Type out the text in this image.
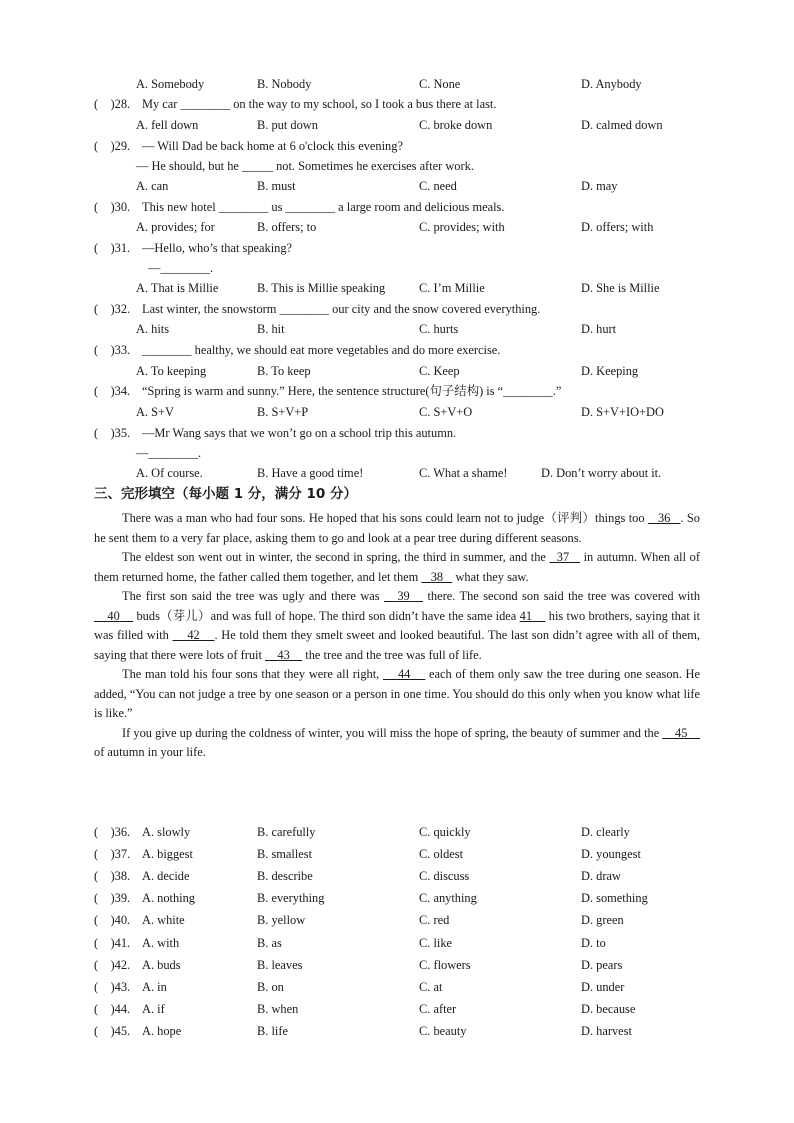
A. Somebody	B. Nobody	C. None	D. Anybody
(    )28. My car ________ on the way to my school, so I took a bus there at last.
A. fell down	B. put down	C. broke down	D. calmed down
(    )29. — Will Dad be back home at 6 o'clock this evening?
— He should, but he _____ not. Sometimes he exercises after work.
A. can	B. must	C. need	D. may
(    )30. This new hotel ________ us ________ a large room and delicious meals.
A. provides; for	B. offers; to	C. provides; with	D. offers; with
(    )31. —Hello, who’s that speaking?
—________.
A. That is Millie	B. This is Millie speaking	C. I’m Millie	D. She is Millie
(    )32. Last winter, the snowstorm ________ our city and the snow covered everything.
A. hits	B. hit	C. hurts	D. hurt
(    )33. ________ healthy, we should eat more vegetables and do more exercise.
A. To keeping	B. To keep	C. Keep	D. Keeping
(    )34. “Spring is warm and sunny.” Here, the sentence structure(句子结构) is “________.”
A. S+V	B. S+V+P	C. S+V+O	D. S+V+IO+DO
(    )35. —Mr Wang says that we won’t go on a school trip this autumn.
—________.
A. Of course.	B. Have a good time!	C. What a shame!	D. Don’t worry about it.
三、完形填空（每小题 1 分，满分 10 分）

There was a man who had four sons. He hoped that his sons could learn not to judge（评判）things too    36 . So he sent them to a very far place, asking them to go and look at a pear tree during different seasons.

The eldest son went out in winter, the second in spring, the third in summer, and the   37    in autumn. When all of them returned home, the father called them together, and let them    38    what they saw.

The first son said the tree was ugly and there was    39    there. The second son said the tree was covered with     40     buds（芽儿）and was full of hope. The third son didn’t have the same idea 41     his two brothers, saying that it was filled with     42 . He told them they smelt sweet and looked beautiful. The last son didn’t agree with all of them, saying that there were lots of fruit     43     the tree and the tree was full of life.

The man told his four sons that they were all right,     44     each of them only saw the tree during one season. He added, “You can not judge a tree by one season or a person in one time. You should do this only when you know what life is like.”

If you give up during the coldness of winter, you will miss the hope of spring, the beauty of summer and the     45     of autumn in your life.

(    )36. A. slowly	B. carefully	C. quickly	D. clearly
(    )37. A. biggest	B. smallest	C. oldest	D. youngest
(    )38. A. decide	B. describe	C. discuss	D. draw
(    )39. A. nothing	B. everything	C. anything	D. something
(    )40. A. white	B. yellow	C. red	D. green
(    )41. A. with	B. as	C. like	D. to
(    )42. A. buds	B. leaves	C. flowers	D. pears
(    )43. A. in	B. on	C. at	D. under
(    )44. A. if	B. when	C. after	D. because
(    )45. A. hope	B. life	C. beauty	D. harvest
